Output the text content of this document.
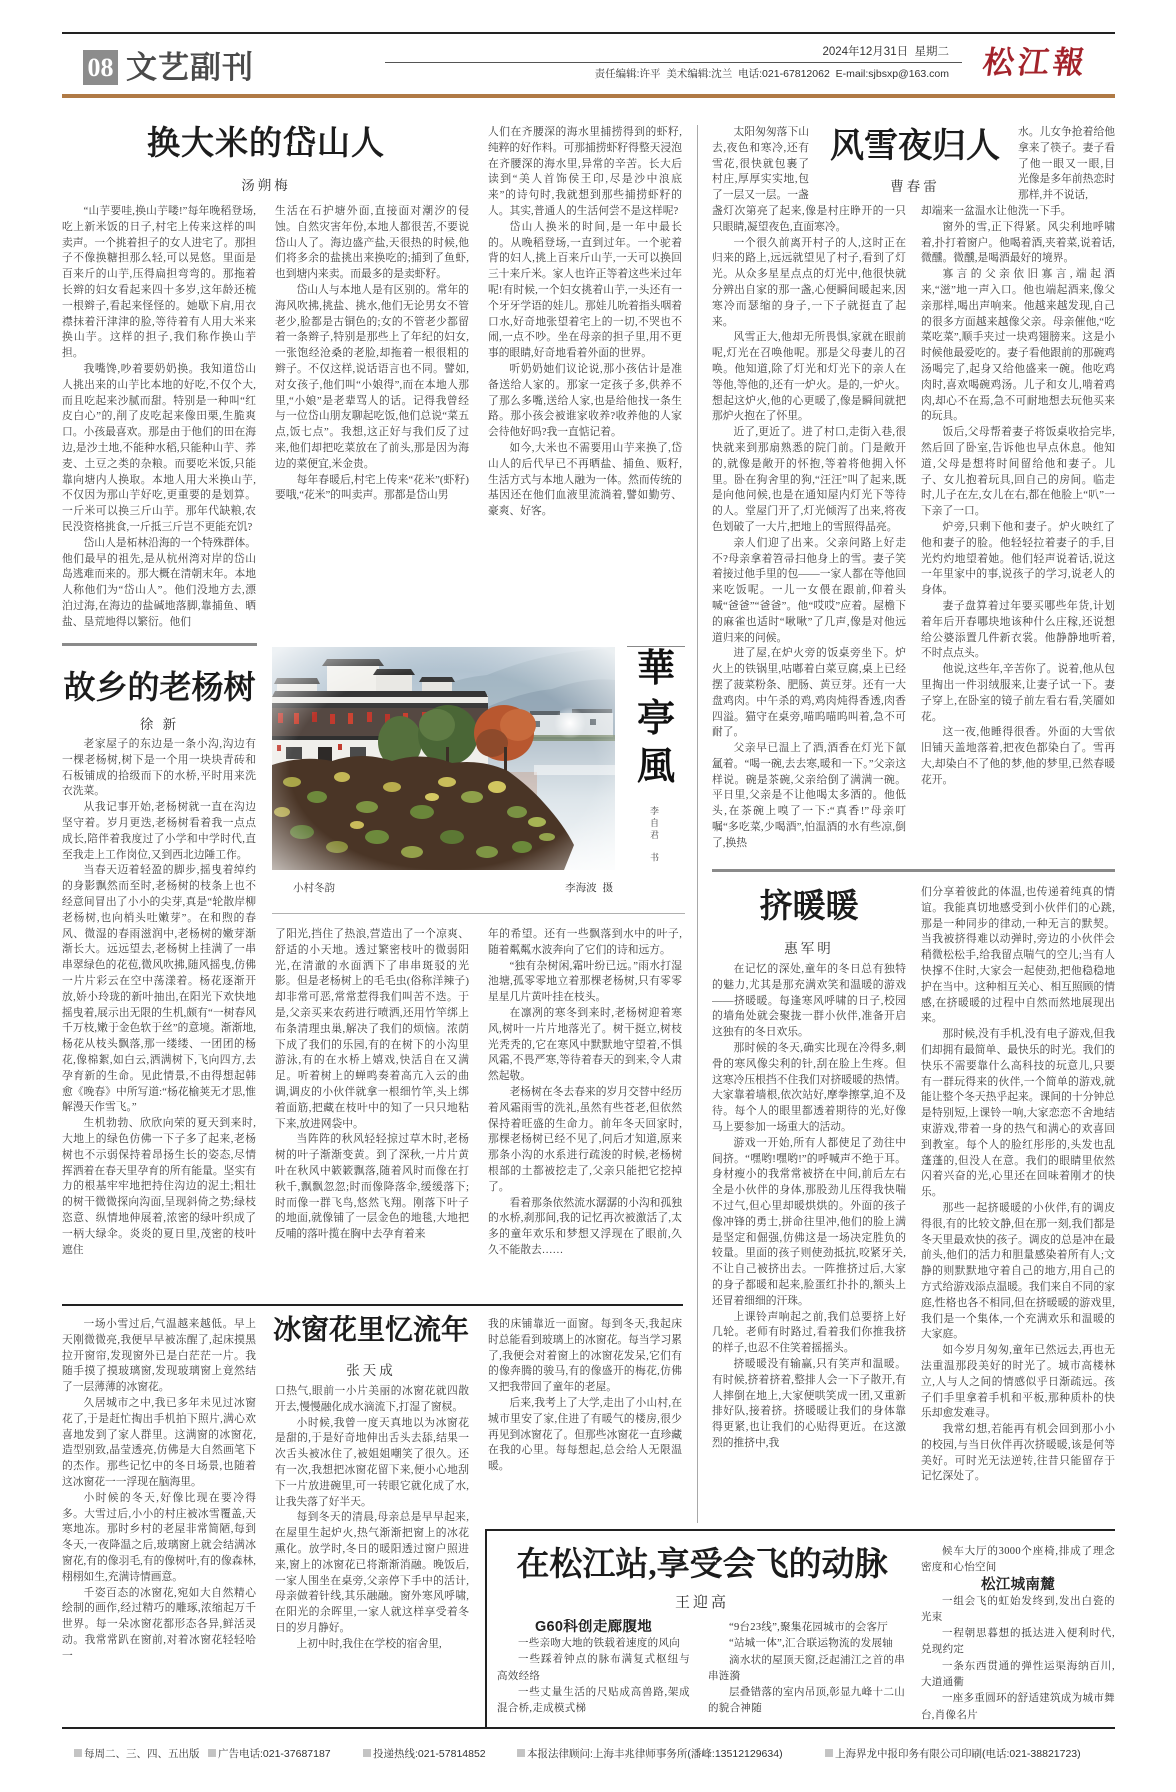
08 文艺副刊	2024年12月31日  星期二
责任编辑:许平  美术编辑:沈兰  电话:021-67812062  E-mail:sjbsxp@163.com 松江報
换大米的岱山人
汤朔梅

“山芋要哇,换山芋喽!”每年晚稻登场,吃上新米饭的日子,村宅上传来这样的叫卖声。一个挑着担子的女人进宅了。那担子不像换糖担那么轻,可以晃悠。里面是百来斤的山芋,压得扁担弯弯的。那拖着长辫的妇女看起来四十多岁,这年龄还梳一根辫子,看起来怪怪的。她歇下肩,用衣襟抹着汗津津的脸,等待着有人用大米来换山芋。这样的担子,我们称作换山芋担。

我嘴馋,吵着要奶奶换。我知道岱山人挑出来的山芋比本地的好吃,不仅个大,而且吃起来沙腻而甜。特别是一种叫“红皮白心”的,削了皮吃起来像田栗,生脆爽口。小孩最喜欢。那是由于他们的田在海边,是沙土地,不能种水稻,只能种山芋、荞麦、土豆之类的杂粮。而要吃米饭,只能靠向塘内人换取。本地人用大米换山芋,不仅因为那山芋好吃,更重要的是划算。一斤米可以换三斤山芋。那年代缺粮,农民没资格挑食,一斤抵三斤岂不更能充饥?

岱山人是柘林沿海的一个特殊群体。他们最早的祖先,是从杭州湾对岸的岱山岛逃难而来的。那大概在清朝末年。本地人称他们为“岱山人”。他们没地方去,漂泊过海,在海边的盐碱地落脚,靠捕鱼、晒盐、垦荒地得以繁衍。他们

生活在石护塘外面,直接面对潮汐的侵蚀。自然灾害年份,本地人都很苦,不要说岱山人了。海边盛产盐,天很热的时候,他们将多余的盐挑出来换吃的;捕到了鱼虾,也到塘内来卖。而最多的是卖虾籽。

岱山人与本地人是有区别的。常年的海风吹拂,挑盐、挑水,他们无论男女不管老少,脸都是古铜色的;女的不管老少都留着一条辫子,特别是那些上了年纪的妇女,一张饱经沧桑的老脸,却拖着一根很粗的辫子。不仅这样,说话语言也不同。譬如,对女孩子,他们叫“小娘得”,而在本地人那里,“小娘”是老辈骂人的话。记得我曾经与一位岱山朋友聊起吃饭,他们总说“菜五点,饭七点”。我想,这正好与我们反了过来,他们却把吃菜放在了前头,那是因为海边的菜便宜,米金贵。

每年春暖后,村宅上传来“花米”(虾籽)要哦,“花米”的叫卖声。那都是岱山男

人们在齐腰深的海水里捕捞得到的虾籽,纯粹的好作料。可那捕捞虾籽得整天浸泡在齐腰深的海水里,异常的辛苦。长大后读到“美人首饰侯王印,尽是沙中浪底来”的诗句时,我就想到那些捕捞虾籽的人。其实,普通人的生活何尝不是这样呢?

岱山人换米的时间,是一年中最长的。从晚稻登场,一直到过年。一个驼着背的妇人,挑上百来斤山芋,一天可以换回三十来斤米。家人也许正等着这些米过年呢!有时候,一个妇女挑着山芋,一头还有一个牙牙学语的娃儿。那娃儿吮着指头咽着口水,好奇地张望着宅上的一切,不哭也不闹,一点不吵。坐在母亲的担子里,用不更事的眼睛,好奇地看着外面的世界。

听奶奶她们议论说,那小孩估计是准备送给人家的。那家一定孩子多,供养不了那么多嘴,送给人家,也是给他找一条生路。那小孩会被谁家收养?收养他的人家会待他好吗?我一直惦记着。

如今,大米也不需要用山芋来换了,岱山人的后代早已不再晒盐、捕鱼、贩籽,生活方式与本地人融为一体。然而传统的基因还在他们血液里流淌着,譬如勤劳、豪爽、好客。

太阳匆匆落下山去,夜色和寒冷,还有雪花,很快就包裹了村庄,厚厚实实地,包了一层又一层。一盏

风雪夜归人
曹春雷

水。儿女争抢着给他拿来了筷子。妻子看了他一眼又一眼,目光像是多年前热恋时那样,并不说话,

盏灯次第亮了起来,像是村庄睁开的一只只眼睛,凝望夜色,直面寒冷。

一个很久前离开村子的人,这时正在归来的路上,远远就望见了村子,看到了灯光。从众多星星点点的灯光中,他很快就分辨出自家的那一盏,心便瞬间暖起来,因寒冷而瑟缩的身子,一下子就挺直了起来。

风雪正大,他却无所畏惧,家就在眼前呢,灯光在召唤他呢。那是父母妻儿的召唤。他知道,除了灯光和灯光下的亲人在等他,等他的,还有一炉火。是的,一炉火。想起这炉火,他的心更暖了,像是瞬间就把那炉火抱在了怀里。

近了,更近了。进了村口,走街入巷,很快就来到那扇熟悉的院门前。门是敞开的,就像是敞开的怀抱,等着将他拥入怀里。卧在狗舍里的狗,“汪汪”叫了起来,既是向他问候,也是在通知屋内灯光下等待的人。堂屋门开了,灯光倾泻了出来,将夜色划破了一大片,把地上的雪照得晶亮。

亲人们迎了出来。父亲问路上好走不?母亲拿着笤帚扫他身上的雪。妻子笑着接过他手里的包——一家人都在等他回来吃饭呢。一儿一女偎在跟前,仰着头喊“爸爸”“爸爸”。他“哎哎”应着。屋檐下的麻雀也适时“啾啾”了几声,像是对他远道归来的问候。

进了屋,在炉火旁的饭桌旁坐下。炉火上的铁锅里,咕嘟着白菜豆腐,桌上已经摆了菠菜粉条、肥肠、黄豆芽。还有一大盘鸡肉。中午杀的鸡,鸡肉炖得香透,肉香四溢。猫守在桌旁,喵呜喵呜叫着,急不可耐了。

父亲早已温上了酒,酒香在灯光下氤氲着。“喝一碗,去去寒,暖和一下。”父亲这样说。碗是茶碗,父亲给倒了满满一碗。平日里,父亲是不让他喝太多酒的。他低头,在茶碗上嗅了一下:“真香!”母亲叮嘱“多吃菜,少喝酒”,怕温酒的水有些凉,倒了,换热

却端来一盆温水让他洗一下手。

窗外的雪,正下得紧。风尖利地呼啸着,扑打着窗户。他喝着酒,夹着菜,说着话,微醺。微醺,是喝酒最好的境界。

寡言的父亲依旧寡言,端起酒来,“滋”地一声入口。他也端起酒来,像父亲那样,喝出声响来。他越来越发现,自己的很多方面越来越像父亲。母亲催他,“吃菜吃菜”,顺手夹过一块鸡翅膀来。这是小时候他最爱吃的。妻子看他跟前的那碗鸡汤喝完了,起身又给他盛来一碗。他吃鸡肉时,喜欢喝碗鸡汤。儿子和女儿,啃着鸡肉,却心不在焉,急不可耐地想去玩他买来的玩具。

饭后,父母帮着妻子将饭桌收拾完毕,然后回了卧室,告诉他也早点休息。他知道,父母是想将时间留给他和妻子。儿子、女儿抱着玩具,回自己的房间。临走时,儿子在左,女儿在右,都在他脸上“叭”一下亲了一口。

炉旁,只剩下他和妻子。炉火映红了他和妻子的脸。他轻轻拉着妻子的手,目光灼灼地望着她。他们轻声说着话,说这一年里家中的事,说孩子的学习,说老人的身体。

妻子盘算着过年要买哪些年货,计划着年后开春哪块地该种什么庄稼,还说想给公婆添置几件新衣裳。他静静地听着,不时点点头。

他说,这些年,辛苦你了。说着,他从包里掏出一件羽绒服来,让妻子试一下。妻子穿上,在卧室的镜子前左看右看,笑靥如花。

这一夜,他睡得很香。外面的大雪依旧铺天盖地落着,把夜色都染白了。雪再大,却染白不了他的梦,他的梦里,已然春暖花开。

故乡的老杨树
徐 新

老家屋子的东边是一条小沟,沟边有一棵老杨树,树下是一个用一块块青砖和石板铺成的拾级而下的水桥,平时用来洗衣洗菜。

从我记事开始,老杨树就一直在沟边坚守着。岁月更迭,老杨树看着我一点点成长,陪伴着我度过了小学和中学时代,直至我走上工作岗位,又到西北边陲工作。

当春天迈着轻盈的脚步,摇曳着绰约的身影飘然而至时,老杨树的枝条上也不经意间冒出了小小的尖芽,真是“轮散岸柳老杨树,也向梢头吐嫩芽”。在和煦的春风、微湿的春雨滋润中,老杨树的嫩芽渐渐长大。远远望去,老杨树上挂满了一串串翠绿色的花苞,微风吹拂,随风摇曳,仿佛一片片彩云在空中荡漾着。杨花逐渐开放,娇小玲珑的新叶抽出,在阳光下欢快地摇曳着,展示出无限的生机,颇有“一树春风千万枝,嫩于金色软于丝”的意境。渐渐地,杨花从枝头飘落,那一缕缕、一团团的杨花,像棉絮,如白云,洒满树下,飞向四方,去孕育新的生命。见此情景,不由得想起韩愈《晚春》中所写道:“杨花榆荚无才思,惟解漫天作雪飞。”

生机勃勃、欣欣向荣的夏天到来时,大地上的绿色仿佛一下子多了起来,老杨树也不示弱保持着昂扬生长的姿态,尽情挥洒着在春天里孕育的所有能量。坚实有力的根基牢牢地把持住沟边的泥土;粗壮的树干微微探向沟面,呈现斜倚之势;绿枝恣意、纵情地伸展着,浓密的绿叶织成了一柄大绿伞。炎炎的夏日里,茂密的枝叶遮住

小村冬韵	李海波  摄
華
亭
風
李自君  书

了阳光,挡住了热浪,营造出了一个凉爽、舒适的小天地。透过繁密枝叶的微弱阳光,在清澈的水面洒下了串串斑驳的光影。但是老杨树上的毛毛虫(俗称洋辣子)却非常可恶,常常惹得我们叫苦不迭。于是,父亲买来农药进行喷洒,还用竹竿绑上布条清理虫巢,解决了我们的烦恼。浓荫下成了我们的乐园,有的在树下的小沟里游泳,有的在水桥上嬉戏,快活自在又满足。听着树上的蝉鸣奏着高亢入云的曲调,调皮的小伙伴就拿一根细竹竿,头上绑着面筋,把藏在枝叶中的知了一只只地粘下来,放进网袋中。

当阵阵的秋风轻轻掠过草木时,老杨树的叶子渐渐变黄。到了深秋,一片片黄叶在秋风中簌簌飘落,随着风时而像在打秋千,飘飘忽忽;时而像降落伞,缓缓落下;时而像一群飞鸟,悠然飞翔。刚落下叶子的地面,就像铺了一层金色的地毯,大地把反哺的落叶揽在胸中去孕育着来

年的希望。还有一些飘落到水中的叶子,随着粼粼水波奔向了它们的诗和远方。

“独有杂树闲,霜叶纷已远。”雨水打湿池塘,孤零零地立着那棵老杨树,只有零零星星几片黄叶挂在枝头。

在凛冽的寒冬到来时,老杨树迎着寒风,树叶一片片地落光了。树干挺立,树枝光秃秃的,它在寒风中默默地守望着,不惧风霜,不畏严寒,等待着春天的到来,令人肃然起敬。

老杨树在冬去春来的岁月交替中经历着风霜雨雪的洗礼,虽然有些苍老,但依然保持着旺盛的生命力。前年冬天回家时,那棵老杨树已经不见了,问后才知道,原来那条小沟的水系进行疏浚的时候,老杨树根部的土都被挖走了,父亲只能把它挖掉了。

看着那条依然流水潺潺的小沟和孤独的水桥,刹那间,我的记忆再次被激活了,太多的童年欢乐和梦想又浮现在了眼前,久久不能散去……

挤暖暖
惠军明

在记忆的深处,童年的冬日总有独特的魅力,尤其是那充满欢笑和温暖的游戏——挤暖暖。每逢寒风呼啸的日子,校园的墙角处就会聚拢一群小伙伴,准备开启这独有的冬日欢乐。

那时候的冬天,确实比现在冷得多,刺骨的寒风像尖利的针,刮在脸上生疼。但这寒冷压根挡不住我们对挤暖暖的热情。大家靠着墙根,依次站好,摩拳擦掌,迫不及待。每个人的眼里都透着期待的光,好像马上要参加一场重大的活动。

游戏一开始,所有人都使足了劲往中间挤。“嘿哟!嘿哟!”的呼喊声不绝于耳。身材瘦小的我常常被挤在中间,前后左右全是小伙伴的身体,那股劲儿压得我快喘不过气,但心里却暖烘烘的。外面的孩子像冲锋的勇士,拼命往里冲,他们的脸上满是坚定和倔强,仿佛这是一场决定胜负的较量。里面的孩子则使劲抵抗,咬紧牙关,不让自己被挤出去。一阵推挤过后,大家的身子都暖和起来,脸蛋红扑扑的,额头上还冒着细细的汗珠。

上课铃声响起之前,我们总要挤上好几轮。老师有时路过,看着我们你推我挤的样子,也忍不住笑着摇摇头。

挤暖暖没有输赢,只有笑声和温暖。有时候,挤着挤着,整排人会一下子散开,有人摔倒在地上,大家便哄笑成一团,又重新排好队,接着挤。挤暖暖让我们的身体靠得更紧,也让我们的心贴得更近。在这激烈的推挤中,我

们分享着彼此的体温,也传递着纯真的情谊。我能真切地感受到小伙伴们的心跳,那是一种同步的律动,一种无言的默契。当我被挤得难以动弹时,旁边的小伙伴会稍微松松手,给我留点喘气的空儿;当有人快撑不住时,大家会一起使劲,把他稳稳地护在当中。这种相互关心、相互照顾的情感,在挤暖暖的过程中自然而然地展现出来。

那时候,没有手机,没有电子游戏,但我们却拥有最简单、最快乐的时光。我们的快乐不需要靠什么高科技的玩意儿,只要有一群玩得来的伙伴,一个简单的游戏,就能让整个冬天热乎起来。课间的十分钟总是特别短,上课铃一响,大家恋恋不舍地结束游戏,带着一身的热气和满心的欢喜回到教室。每个人的脸红彤彤的,头发也乱蓬蓬的,但没人在意。我们的眼睛里依然闪着兴奋的光,心里还在回味着刚才的快乐。

那些一起挤暖暖的小伙伴,有的调皮得很,有的比较文静,但在那一刻,我们都是冬天里最欢快的孩子。调皮的总是冲在最前头,他们的活力和胆量感染着所有人;文静的则默默地守着自己的地方,用自己的方式给游戏添点温暖。我们来自不同的家庭,性格也各不相同,但在挤暖暖的游戏里,我们是一个集体,一个充满欢乐和温暖的大家庭。

如今岁月匆匆,童年已然远去,再也无法重温那段美好的时光了。城市高楼林立,人与人之间的情感似乎日渐疏远。孩子们手里拿着手机和平板,那种质朴的快乐却愈发难寻。

我常幻想,若能再有机会回到那小小的校园,与当日伙伴再次挤暖暖,该是何等美好。可时光无法逆转,往昔只能留存于记忆深处了。

一场小雪过后,气温越来越低。早上天刚微微亮,我便早早被冻醒了,起床摸黑拉开窗帘,发现窗外已是白茫茫一片。我随手摸了摸玻璃窗,发现玻璃窗上竟然结了一层薄薄的冰窗花。

久居城市之中,我已多年未见过冰窗花了,于是赶忙掏出手机拍下照片,满心欢喜地发到了家人群里。这满窗的冰窗花,造型别致,晶莹透亮,仿佛是大自然画笔下的杰作。那些记忆中的冬日场景,也随着这冰窗花一一浮现在脑海里。

小时候的冬天,好像比现在要冷得多。大雪过后,小小的村庄被冰雪覆盖,天寒地冻。那时乡村的老屋非常简陋,每到冬天,一夜降温之后,玻璃窗上就会结满冰窗花,有的像羽毛,有的像树叶,有的像森林,栩栩如生,充满诗情画意。

千姿百态的冰窗花,宛如大自然精心绘制的画作,经过精巧的雕琢,浓缩起万千世界。每一朵冰窗花都形态各异,鲜活灵动。我常常趴在窗前,对着冰窗花轻轻哈一

冰窗花里忆流年
张天成

口热气,眼前一小片美丽的冰窗花就四散开去,慢慢融化成水滴流下,打湿了窗棂。

小时候,我曾一度天真地以为冰窗花是甜的,于是好奇地伸出舌头去舔,结果一次舌头被冰住了,被姐姐嘲笑了很久。还有一次,我想把冰窗花留下来,便小心地刮下一片放进碗里,可一转眼它就化成了水,让我失落了好半天。

每到冬天的清晨,母亲总是早早起来,在屋里生起炉火,热气渐渐把窗上的冰花熏化。放学时,冬日的暖阳透过窗户照进来,窗上的冰窗花已将渐渐消融。晚饭后,一家人围坐在桌旁,父亲停下手中的活计,母亲做着针线,其乐融融。窗外寒风呼啸,在阳光的余晖里,一家人就这样享受着冬日的岁月静好。

上初中时,我住在学校的宿舍里,

我的床铺靠近一面窗。每到冬天,我起床时总能看到玻璃上的冰窗花。每当学习累了,我便会对着窗上的冰窗花发呆,它们有的像奔腾的骏马,有的像盛开的梅花,仿佛又把我带回了童年的老屋。

后来,我考上了大学,走出了小山村,在城市里安了家,住进了有暖气的楼房,很少再见到冰窗花了。但那些冰窗花一直珍藏在我的心里。每每想起,总会给人无限温暖。

在松江站,享受会飞的动脉
王迎高
G60科创走廊腹地

一些亲吻大地的铁载着速度的风向

一些踩着钟点的脉布满复式枢纽与高效经络

一些丈量生活的尺贴成高兽路,架成混合桥,走成模式梯

“9台23线”,聚集花园城市的会客厅

“站城一体”,汇合联运物流的发展轴

滴水状的屋顶天窗,泛起浦江之首的串串涟漪

层叠错落的室内吊顶,彰显九峰十二山的貌合神随

候车大厅的3000个座椅,排成了理念密度和心怡空间

松江城南麓

一组会飞的虹始发终到,发出白瓷的光束

一程朝思暮想的抵达进入便利时代,兑现约定

一条东西贯通的弹性运渠海纳百川,大道通衢

一座多重圆环的舒适建筑成为城市舞台,肖像名片

每周二、三、四、五出版	广告电话:021-37687187	投递热线:021-57814852	本报法律顾问:上海丰兆律师事务所(潘峰:13512129634)	上海界龙中报印务有限公司印刷(电话:021-38821723)
